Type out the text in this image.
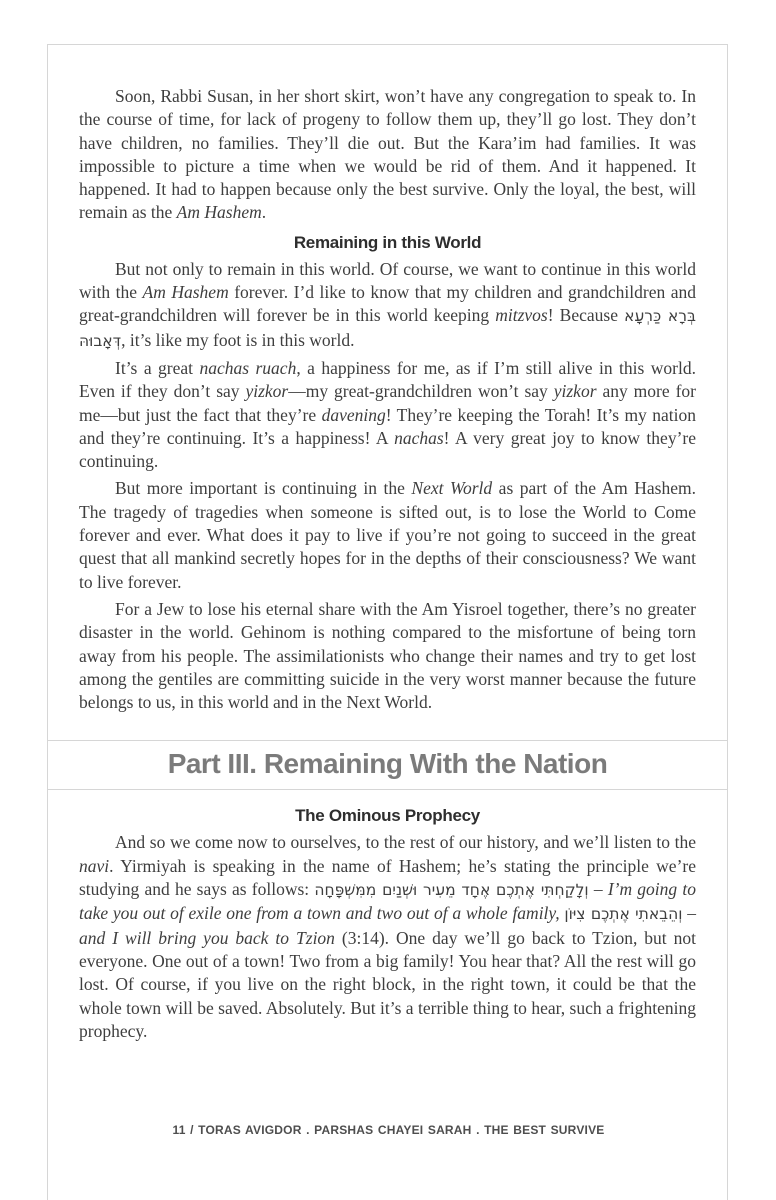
Soon, Rabbi Susan, in her short skirt, won’t have any congregation to speak to. In the course of time, for lack of progeny to follow them up, they’ll go lost. They don’t have children, no families. They’ll die out. But the Kara’im had families. It was impossible to picture a time when we would be rid of them. And it happened. It happened. It had to happen because only the best survive. Only the loyal, the best, will remain as the Am Hashem.

Remaining in this World

But not only to remain in this world. Of course, we want to continue in this world with the Am Hashem forever. I’d like to know that my children and grandchildren and great-grandchildren will forever be in this world keeping mitzvos! Because בְּרָא כַּרְעָא דְּאָבוּהּ, it’s like my foot is in this world.

It’s a great nachas ruach, a happiness for me, as if I’m still alive in this world. Even if they don’t say yizkor—my great-grandchildren won’t say yizkor any more for me—but just the fact that they’re davening! They’re keeping the Torah! It’s my nation and they’re continuing. It’s a happiness! A nachas! A very great joy to know they’re continuing.

But more important is continuing in the Next World as part of the Am Hashem. The tragedy of tragedies when someone is sifted out, is to lose the World to Come forever and ever. What does it pay to live if you’re not going to succeed in the great quest that all mankind secretly hopes for in the depths of their consciousness? We want to live forever.

For a Jew to lose his eternal share with the Am Yisroel together, there’s no greater disaster in the world. Gehinom is nothing compared to the misfortune of being torn away from his people. The assimilationists who change their names and try to get lost among the gentiles are committing suicide in the very worst manner because the future belongs to us, in this world and in the Next World.

Part III. Remaining With the Nation
The Ominous Prophecy

And so we come now to ourselves, to the rest of our history, and we’ll listen to the navi. Yirmiyah is speaking in the name of Hashem; he’s stating the principle we’re studying and he says as follows: וְלָקַחְתִּי אֶתְכֶם אֶחָד מֵעִיר וּשְׁנַיִם מִמִּשְׁפָּחָה – I’m going to take you out of exile one from a town and two out of a whole family, וְהֵבֵאתִי אֶתְכֶם צִיּוֹן – and I will bring you back to Tzion (3:14). One day we’ll go back to Tzion, but not everyone. One out of a town! Two from a big family! You hear that? All the rest will go lost. Of course, if you live on the right block, in the right town, it could be that the whole town will be saved. Absolutely. But it’s a terrible thing to hear, such a frightening prophecy.

11 / TORAS AVIGDOR . PARSHAS CHAYEI SARAH . THE BEST SURVIVE
